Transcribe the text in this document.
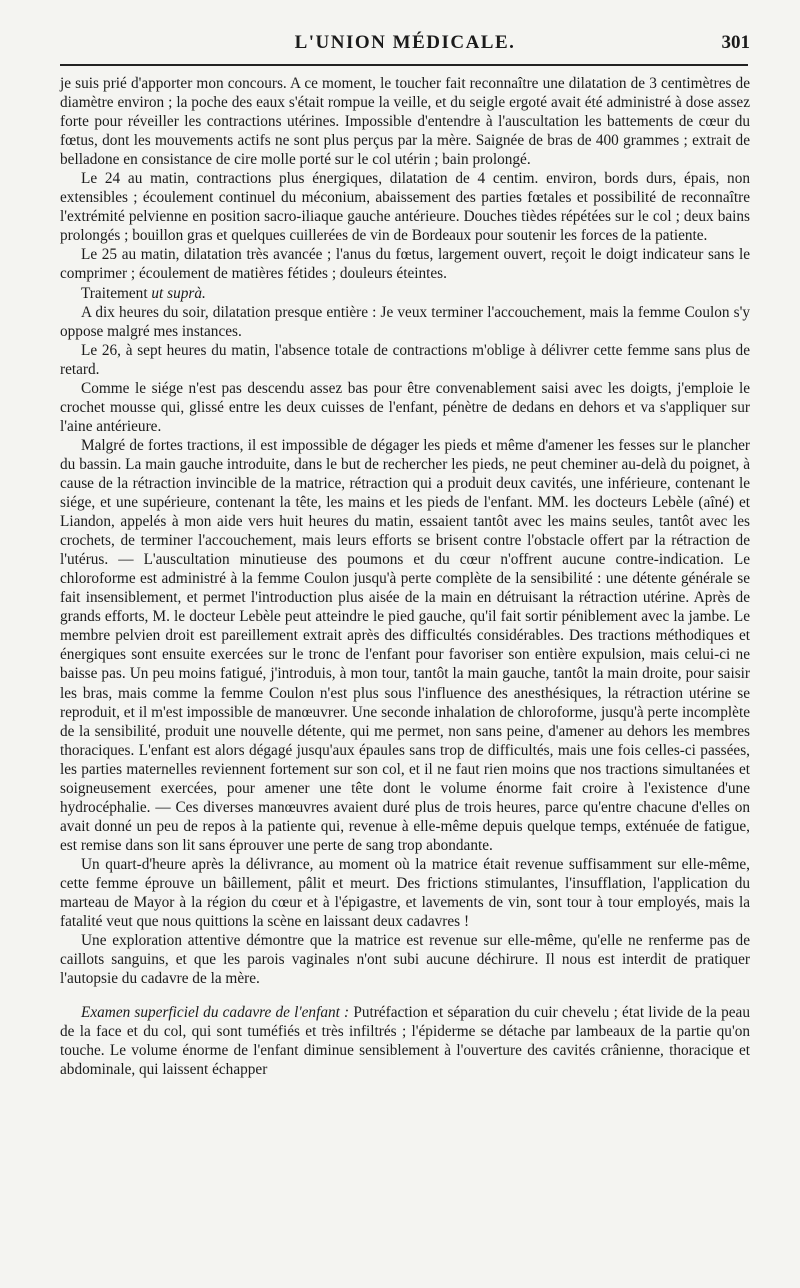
L'UNION MÉDICALE.	301

je suis prié d'apporter mon concours. A ce moment, le toucher fait reconnaître une dilatation de 3 centimètres de diamètre environ ; la poche des eaux s'était rompue la veille, et du seigle ergoté avait été administré à dose assez forte pour réveiller les contractions utérines. Impossible d'entendre à l'auscultation les battements de cœur du fœtus, dont les mouvements actifs ne sont plus perçus par la mère. Saignée de bras de 400 grammes ; extrait de belladone en consistance de cire molle porté sur le col utérin ; bain prolongé.

Le 24 au matin, contractions plus énergiques, dilatation de 4 centim. environ, bords durs, épais, non extensibles ; écoulement continuel du méconium, abaissement des parties fœtales et possibilité de reconnaître l'extrémité pelvienne en position sacro-iliaque gauche antérieure. Douches tièdes répétées sur le col ; deux bains prolongés ; bouillon gras et quelques cuillerées de vin de Bordeaux pour soutenir les forces de la patiente.

Le 25 au matin, dilatation très avancée ; l'anus du fœtus, largement ouvert, reçoit le doigt indicateur sans le comprimer ; écoulement de matières fétides ; douleurs éteintes.

Traitement ut suprà.

A dix heures du soir, dilatation presque entière : Je veux terminer l'accouchement, mais la femme Coulon s'y oppose malgré mes instances.

Le 26, à sept heures du matin, l'absence totale de contractions m'oblige à délivrer cette femme sans plus de retard.

Comme le siége n'est pas descendu assez bas pour être convenablement saisi avec les doigts, j'emploie le crochet mousse qui, glissé entre les deux cuisses de l'enfant, pénètre de dedans en dehors et va s'appliquer sur l'aine antérieure.

Malgré de fortes tractions, il est impossible de dégager les pieds et même d'amener les fesses sur le plancher du bassin. La main gauche introduite, dans le but de rechercher les pieds, ne peut cheminer au-delà du poignet, à cause de la rétraction invincible de la matrice, rétraction qui a produit deux cavités, une inférieure, contenant le siége, et une supérieure, contenant la tête, les mains et les pieds de l'enfant. MM. les docteurs Lebèle (aîné) et Liandon, appelés à mon aide vers huit heures du matin, essaient tantôt avec les mains seules, tantôt avec les crochets, de terminer l'accouchement, mais leurs efforts se brisent contre l'obstacle offert par la rétraction de l'utérus. — L'auscultation minutieuse des poumons et du cœur n'offrent aucune contre-indication. Le chloroforme est administré à la femme Coulon jusqu'à perte complète de la sensibilité : une détente générale se fait insensiblement, et permet l'introduction plus aisée de la main en détruisant la rétraction utérine. Après de grands efforts, M. le docteur Lebèle peut atteindre le pied gauche, qu'il fait sortir péniblement avec la jambe. Le membre pelvien droit est pareillement extrait après des difficultés considérables. Des tractions méthodiques et énergiques sont ensuite exercées sur le tronc de l'enfant pour favoriser son entière expulsion, mais celui-ci ne baisse pas. Un peu moins fatigué, j'introduis, à mon tour, tantôt la main gauche, tantôt la main droite, pour saisir les bras, mais comme la femme Coulon n'est plus sous l'influence des anesthésiques, la rétraction utérine se reproduit, et il m'est impossible de manœuvrer. Une seconde inhalation de chloroforme, jusqu'à perte incomplète de la sensibilité, produit une nouvelle détente, qui me permet, non sans peine, d'amener au dehors les membres thoraciques. L'enfant est alors dégagé jusqu'aux épaules sans trop de difficultés, mais une fois celles-ci passées, les parties maternelles reviennent fortement sur son col, et il ne faut rien moins que nos tractions simultanées et soigneusement exercées, pour amener une tête dont le volume énorme fait croire à l'existence d'une hydrocéphalie. — Ces diverses manœuvres avaient duré plus de trois heures, parce qu'entre chacune d'elles on avait donné un peu de repos à la patiente qui, revenue à elle-même depuis quelque temps, exténuée de fatigue, est remise dans son lit sans éprouver une perte de sang trop abondante.

Un quart-d'heure après la délivrance, au moment où la matrice était revenue suffisamment sur elle-même, cette femme éprouve un bâillement, pâlit et meurt. Des frictions stimulantes, l'insufflation, l'application du marteau de Mayor à la région du cœur et à l'épigastre, et lavements de vin, sont tour à tour employés, mais la fatalité veut que nous quittions la scène en laissant deux cadavres !

Une exploration attentive démontre que la matrice est revenue sur elle-même, qu'elle ne renferme pas de caillots sanguins, et que les parois vaginales n'ont subi aucune déchirure. Il nous est interdit de pratiquer l'autopsie du cadavre de la mère.

Examen superficiel du cadavre de l'enfant : Putréfaction et séparation du cuir chevelu ; état livide de la peau de la face et du col, qui sont tuméfiés et très infiltrés ; l'épiderme se détache par lambeaux de la partie qu'on touche. Le volume énorme de l'enfant diminue sensiblement à l'ouverture des cavités crânienne, thoracique et abdominale, qui laissent échapper
